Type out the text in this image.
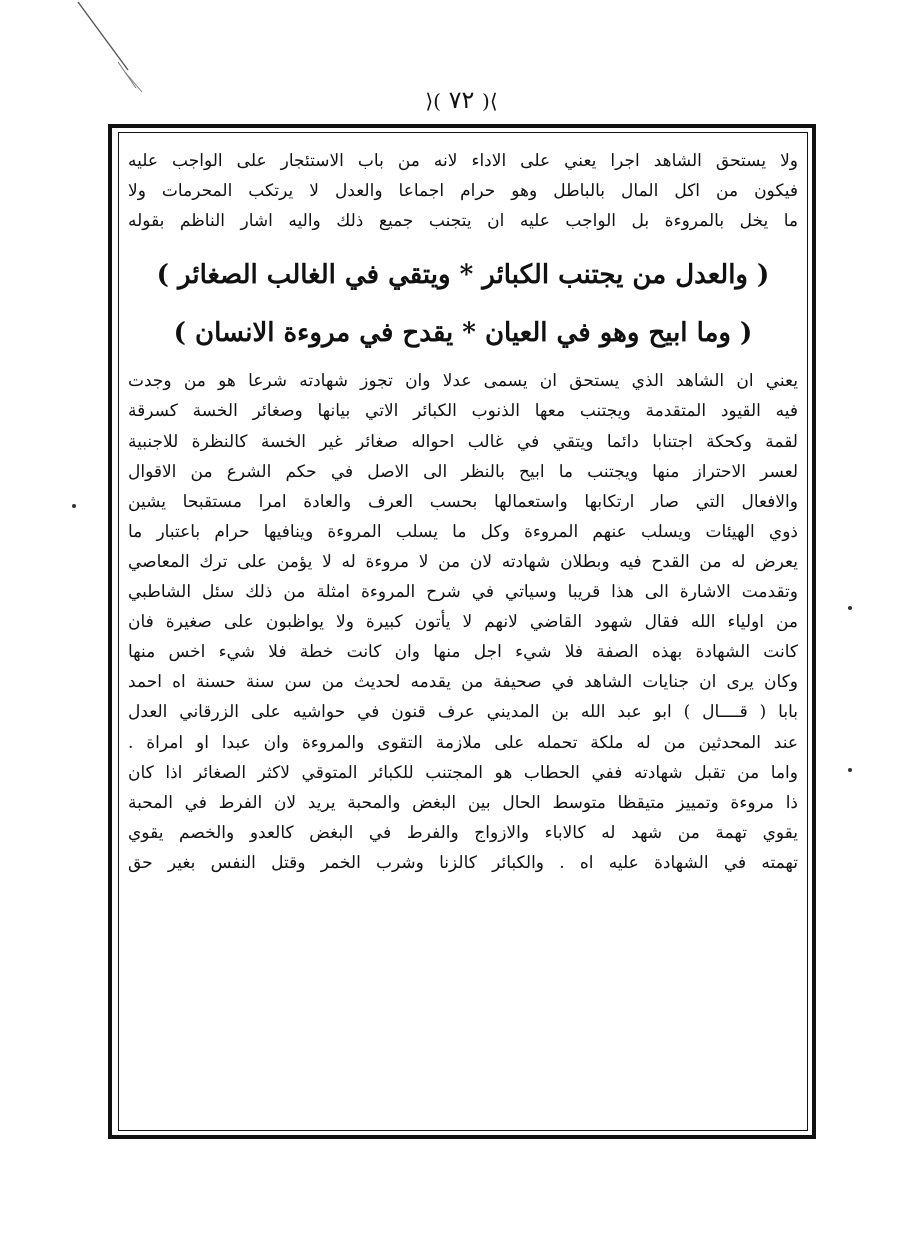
⟩( ٧٢ )⟨
ولا يستحق الشاهد اجرا يعني على الاداء لانه من باب الاستئجار على الواجب عليه
فيكون من اكل المال بالباطل وهو حرام اجماعا والعدل لا يرتكب المحرمات ولا
ما يخل بالمروءة بل الواجب عليه ان يتجنب جميع ذلك واليه اشار الناظم بقوله
( والعدل من يجتنب الكبائر * ويتقي في الغالب الصغائر )
( وما ابيح وهو في العيان * يقدح في مروءة الانسان )
يعني ان الشاهد الذي يستحق ان يسمى عدلا وان تجوز شهادته شرعا هو من وجدت
فيه القيود المتقدمة ويجتنب معها الذنوب الكبائر الاتي بيانها وصغائر الخسة كسرقة
لقمة وكحكة اجتنابا دائما ويتقي في غالب احواله صغائر غير الخسة كالنظرة للاجنبية
لعسر الاحتراز منها ويجتنب ما ابيح بالنظر الى الاصل في حكم الشرع من الاقوال
والافعال التي صار ارتكابها واستعمالها بحسب العرف والعادة امرا مستقبحا يشين
ذوي الهيئات ويسلب عنهم المروءة وكل ما يسلب المروءة وينافيها حرام باعتبار ما
يعرض له من القدح فيه وبطلان شهادته لان من لا مروءة له لا يؤمن على ترك المعاصي
وتقدمت الاشارة الى هذا قريبا وسياتي في شرح المروءة امثلة من ذلك سئل الشاطبي
من اولياء الله فقال شهود القاضي لانهم لا يأتون كبيرة ولا يواظبون على صغيرة فان
كانت الشهادة بهذه الصفة فلا شيء اجل منها وان كانت خطة فلا شيء اخس منها
وكان يرى ان جنايات الشاهد في صحيفة من يقدمه لحديث من سن سنة حسنة اه احمد
بابا ( قــــال ) ابو عبد الله بن المديني عرف قنون في حواشيه على الزرقاني العدل
عند المحدثين من له ملكة تحمله على ملازمة التقوى والمروءة وان عبدا او امراة .
واما من تقبل شهادته ففي الحطاب هو المجتنب للكبائر المتوقي لاكثر الصغائر اذا كان
ذا مروءة وتمييز متيقظا متوسط الحال بين البغض والمحبة يريد لان الفرط في المحبة
يقوي تهمة من شهد له كالاباء والازواج والفرط في البغض كالعدو والخصم يقوي
تهمته في الشهادة عليه اه . والكبائر كالزنا وشرب الخمر وقتل النفس بغير حق
